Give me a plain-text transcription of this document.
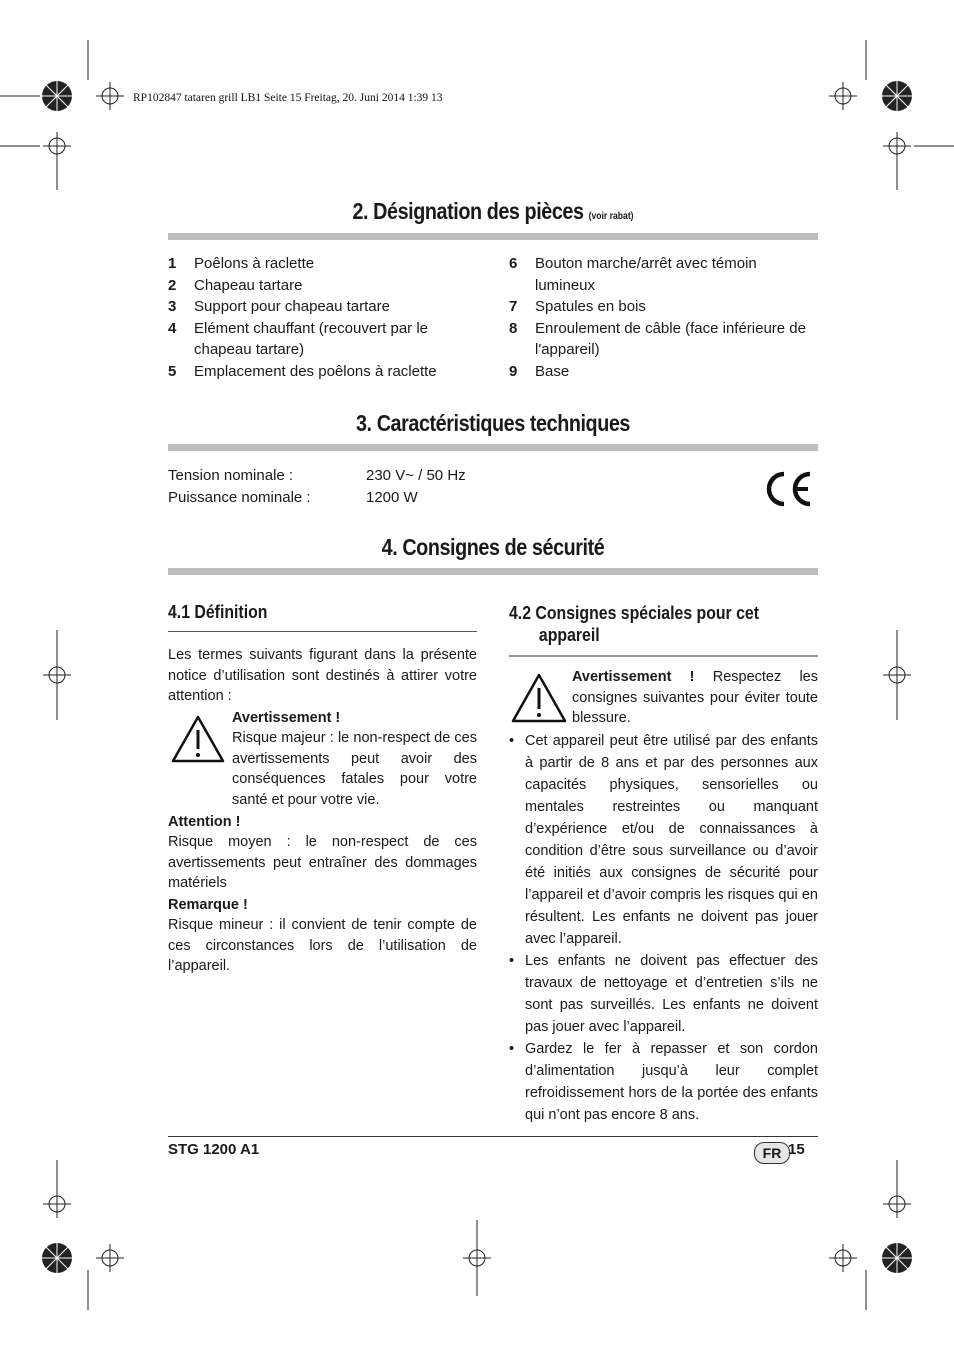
RP102847 tataren grill LB1 Seite 15 Freitag, 20. Juni 2014 1:39 13
2. Désignation des pièces (voir rabat)
1	Poêlons à raclette
2	Chapeau tartare
3	Support pour chapeau tartare
4	Elément chauffant (recouvert par le chapeau tartare)
5	Emplacement des poêlons à raclette
6	Bouton marche/arrêt avec témoin lumineux
7	Spatules en bois
8	Enroulement de câble (face inférieure de l'appareil)
9	Base
3. Caractéristiques techniques
Tension nominale :	230 V~ / 50 Hz
Puissance nominale :	1200 W
4. Consignes de sécurité
4.1 Définition
Les termes suivants figurant dans la présente notice d’utilisation sont destinés à attirer votre attention :
Avertissement !
Risque majeur : le non-respect de ces avertissements peut avoir des conséquences fatales pour votre santé et pour votre vie.
Attention !
Risque moyen : le non-respect de ces avertissements peut entraîner des dommages matériels
Remarque !
Risque mineur : il convient de tenir compte de ces circonstances lors de l’utilisation de l’appareil.
4.2 Consignes spéciales pour cet
appareil
Avertissement ! Respectez les consignes suivantes pour éviter toute blessure.
• Cet appareil peut être utilisé par des enfants à partir de 8 ans et par des personnes aux capacités physiques, sensorielles ou mentales restreintes ou manquant d’expérience et/ou de connaissances à condition d’être sous surveillance ou d’avoir été initiés aux consignes de sécurité pour l’appareil et d’avoir compris les risques qui en résultent. Les enfants ne doivent pas jouer avec l’appareil.
• Les enfants ne doivent pas effectuer des travaux de nettoyage et d’entretien s’ils ne sont pas surveillés. Les enfants ne doivent pas jouer avec l’appareil.
• Gardez le fer à repasser et son cordon d’alimentation jusqu’à leur complet refroidissement hors de la portée des enfants qui n’ont pas encore 8 ans.
STG 1200 A1	FR 15
